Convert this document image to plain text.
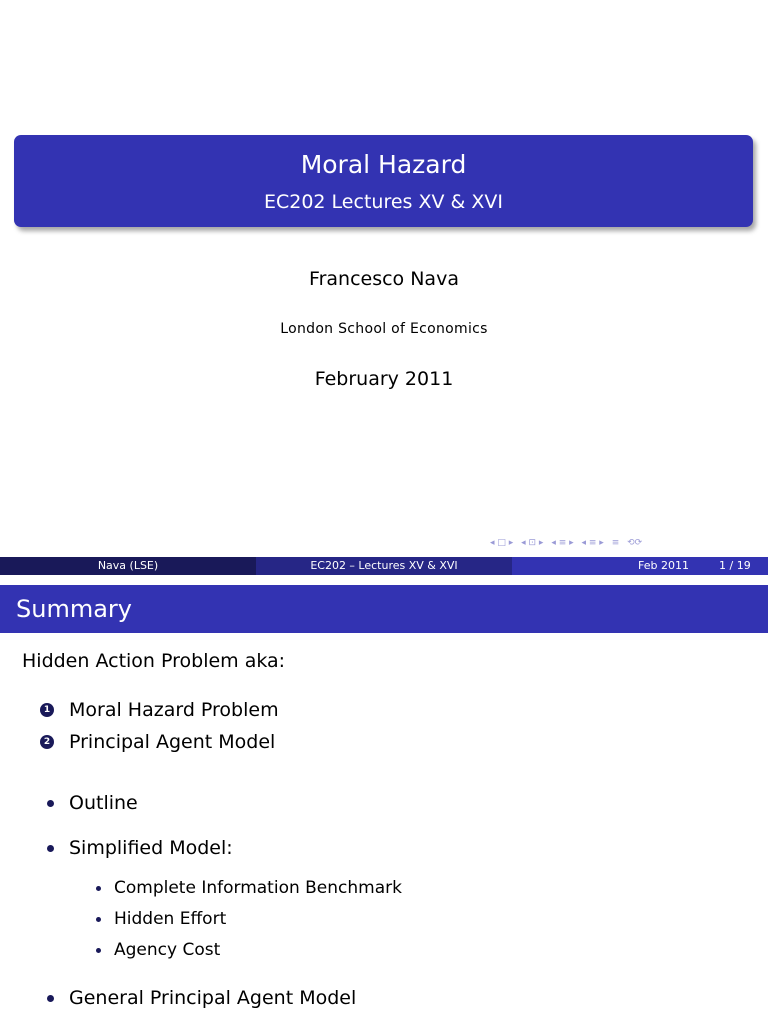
Moral Hazard
EC202 Lectures XV & XVI
Francesco Nava
London School of Economics
February 2011
◂ □ ▸ ◂ ⊡ ▸ ◂ ≡ ▸ ◂ ≡ ▸ ≡ ⟲⟳
Nava (LSE)	EC202 – Lectures XV & XVI	Feb 2011	1 / 19
Summary
Hidden Action Problem aka:
1 Moral Hazard Problem
2 Principal Agent Model
Outline
Simplified Model:
Complete Information Benchmark
Hidden Effort
Agency Cost
General Principal Agent Model
